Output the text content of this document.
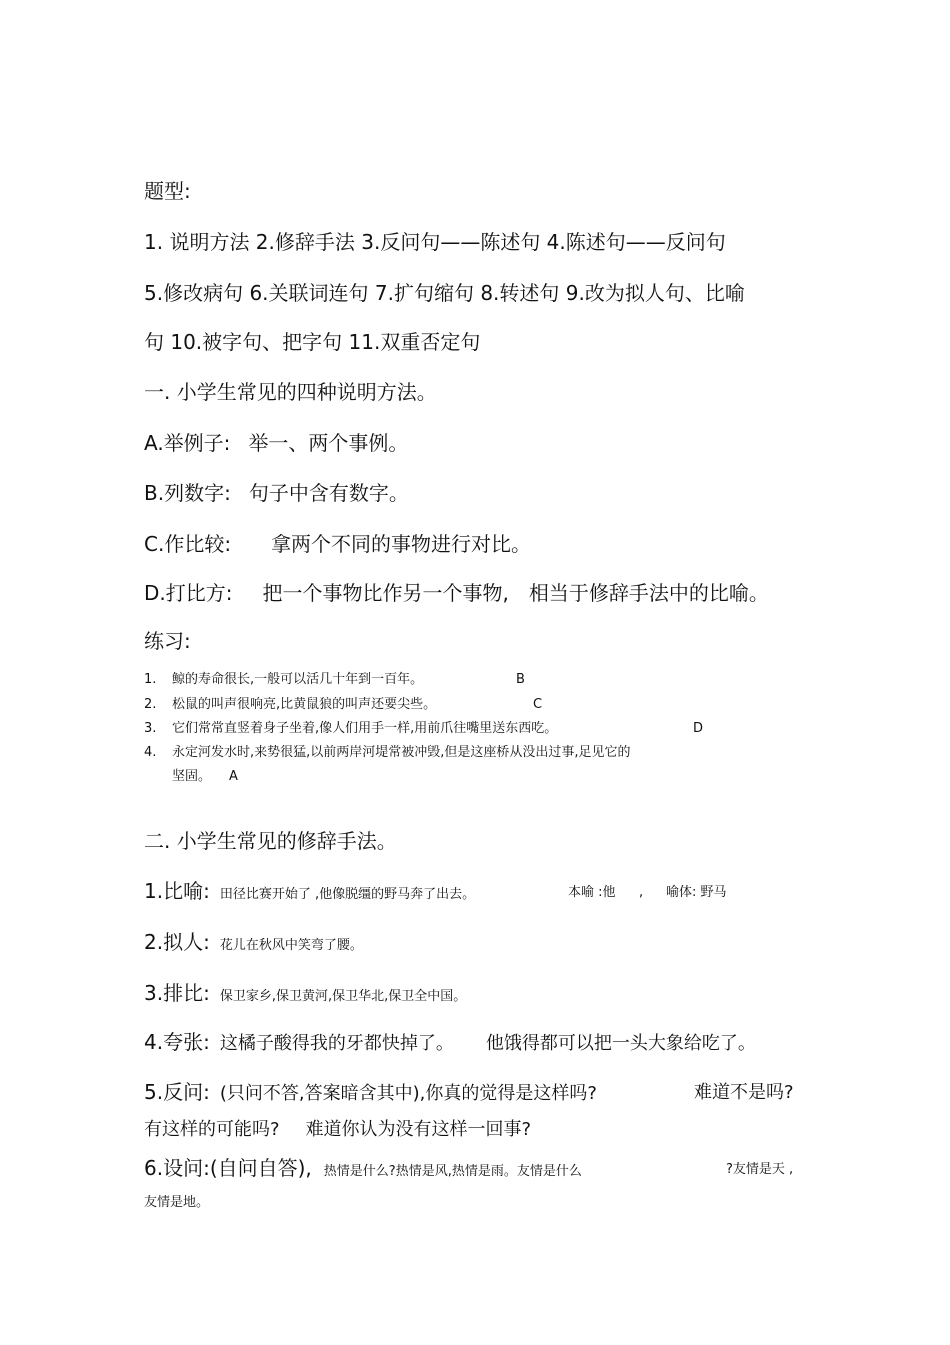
题型:
1. 说明方法 2.修辞手法 3.反问句——陈述句 4.陈述句——反问句
5.修改病句 6.关联词连句 7.扩句缩句 8.转述句 9.改为拟人句、比喻
句 10.被字句、把字句 11.双重否定句
一. 小学生常见的四种说明方法。
A.举例子: 举一、两个事例。
B.列数字: 句子中含有数字。
C.作比较: 拿两个不同的事物进行对比。
D.打比方: 把一个事物比作另一个事物, 相当于修辞手法中的比喻。
练习:
1. 鲸的寿命很长,一般可以活几十年到一百年。	B
2. 松鼠的叫声很响亮,比黄鼠狼的叫声还要尖些。	C
3. 它们常常直竖着身子坐着,像人们用手一样,用前爪往嘴里送东西吃。	D
4. 永定河发水时,来势很猛,以前两岸河堤常被冲毁,但是这座桥从没出过事,足见它的
坚固。 A
二. 小学生常见的修辞手法。
1.比喻: 田径比赛开始了 ,他像脱缰的野马奔了出去。	本喻 :他 , 喻体: 野马
2.拟人: 花儿在秋风中笑弯了腰。
3.排比: 保卫家乡,保卫黄河,保卫华北,保卫全中国。
4.夸张: 这橘子酸得我的牙都快掉了。 他饿得都可以把一头大象给吃了。
5.反问: (只问不答,答案暗含其中),你真的觉得是这样吗?	难道不是吗?
有这样的可能吗? 难道你认为没有这样一回事?
6.设问:(自问自答), 热情是什么?热情是风,热情是雨。友情是什么	?友情是天 ,
友情是地。
